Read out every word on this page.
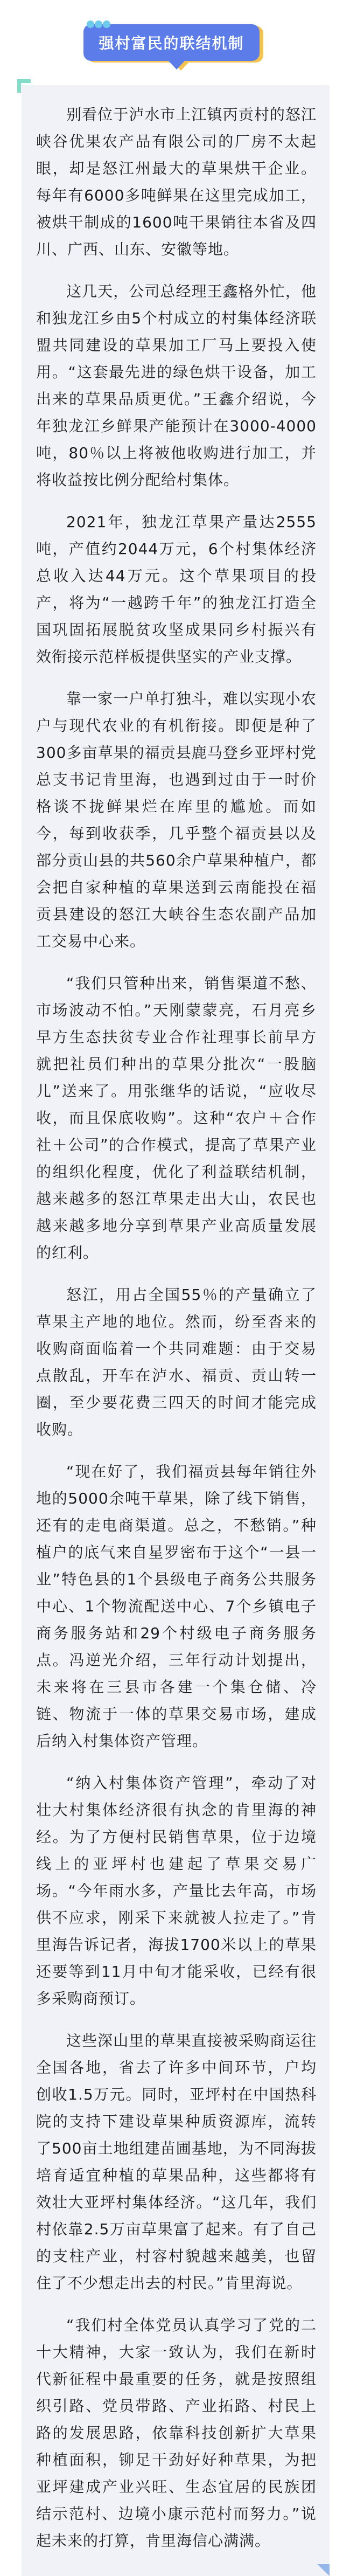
强村富民的联结机制

别看位于泸水市上江镇丙贡村的怒江峡谷优果农产品有限公司的厂房不太起眼，却是怒江州最大的草果烘干企业。每年有6000多吨鲜果在这里完成加工，被烘干制成的1600吨干果销往本省及四川、广西、山东、安徽等地。

这几天，公司总经理王鑫格外忙，他和独龙江乡由5个村成立的村集体经济联盟共同建设的草果加工厂马上要投入使用。“这套最先进的绿色烘干设备，加工出来的草果品质更优。”王鑫介绍说，今年独龙江乡鲜果产能预计在3000-4000吨，80％以上将被他收购进行加工，并将收益按比例分配给村集体。

2021年，独龙江草果产量达2555吨，产值约2044万元，6个村集体经济总收入达44万元。这个草果项目的投产，将为“一越跨千年”的独龙江打造全国巩固拓展脱贫攻坚成果同乡村振兴有效衔接示范样板提供坚实的产业支撑。

靠一家一户单打独斗，难以实现小农户与现代农业的有机衔接。即便是种了300多亩草果的福贡县鹿马登乡亚坪村党总支书记肯里海，也遇到过由于一时价格谈不拢鲜果烂在库里的尴尬。而如今，每到收获季，几乎整个福贡县以及部分贡山县的共560余户草果种植户，都会把自家种植的草果送到云南能投在福贡县建设的怒江大峡谷生态农副产品加工交易中心来。

“我们只管种出来，销售渠道不愁、市场波动不怕。”天刚蒙蒙亮，石月亮乡早方生态扶贫专业合作社理事长前早方就把社员们种出的草果分批次“一股脑儿”送来了。用张继华的话说，“应收尽收，而且保底收购”。这种“农户＋合作社＋公司”的合作模式，提高了草果产业的组织化程度，优化了利益联结机制，越来越多的怒江草果走出大山，农民也越来越多地分享到草果产业高质量发展的红利。

怒江，用占全国55％的产量确立了草果主产地的地位。然而，纷至沓来的收购商面临着一个共同难题：由于交易点散乱，开车在泸水、福贡、贡山转一圈，至少要花费三四天的时间才能完成收购。

“现在好了，我们福贡县每年销往外地的5000余吨干草果，除了线下销售，还有的走电商渠道。总之，不愁销。”种植户的底气来自星罗密布于这个“一县一业”特色县的1个县级电子商务公共服务中心、1个物流配送中心、7个乡镇电子商务服务站和29个村级电子商务服务点。冯逆光介绍，三年行动计划提出，未来将在三县市各建一个集仓储、冷链、物流于一体的草果交易市场，建成后纳入村集体资产管理。

“纳入村集体资产管理”，牵动了对壮大村集体经济很有执念的肯里海的神经。为了方便村民销售草果，位于边境线上的亚坪村也建起了草果交易广场。“今年雨水多，产量比去年高，市场供不应求，刚采下来就被人拉走了。”肯里海告诉记者，海拔1700米以上的草果还要等到11月中旬才能采收，已经有很多采购商预订。

这些深山里的草果直接被采购商运往全国各地，省去了许多中间环节，户均创收1.5万元。同时，亚坪村在中国热科院的支持下建设草果种质资源库，流转了500亩土地组建苗圃基地，为不同海拔培育适宜种植的草果品种，这些都将有效壮大亚坪村集体经济。“这几年，我们村依靠2.5万亩草果富了起来。有了自己的支柱产业，村容村貌越来越美，也留住了不少想走出去的村民。”肯里海说。

“我们村全体党员认真学习了党的二十大精神，大家一致认为，我们在新时代新征程中最重要的任务，就是按照组织引路、党员带路、产业拓路、村民上路的发展思路，依靠科技创新扩大草果种植面积，铆足干劲好好种草果，为把亚坪建成产业兴旺、生态宜居的民族团结示范村、边境小康示范村而努力。”说起未来的打算，肯里海信心满满。
